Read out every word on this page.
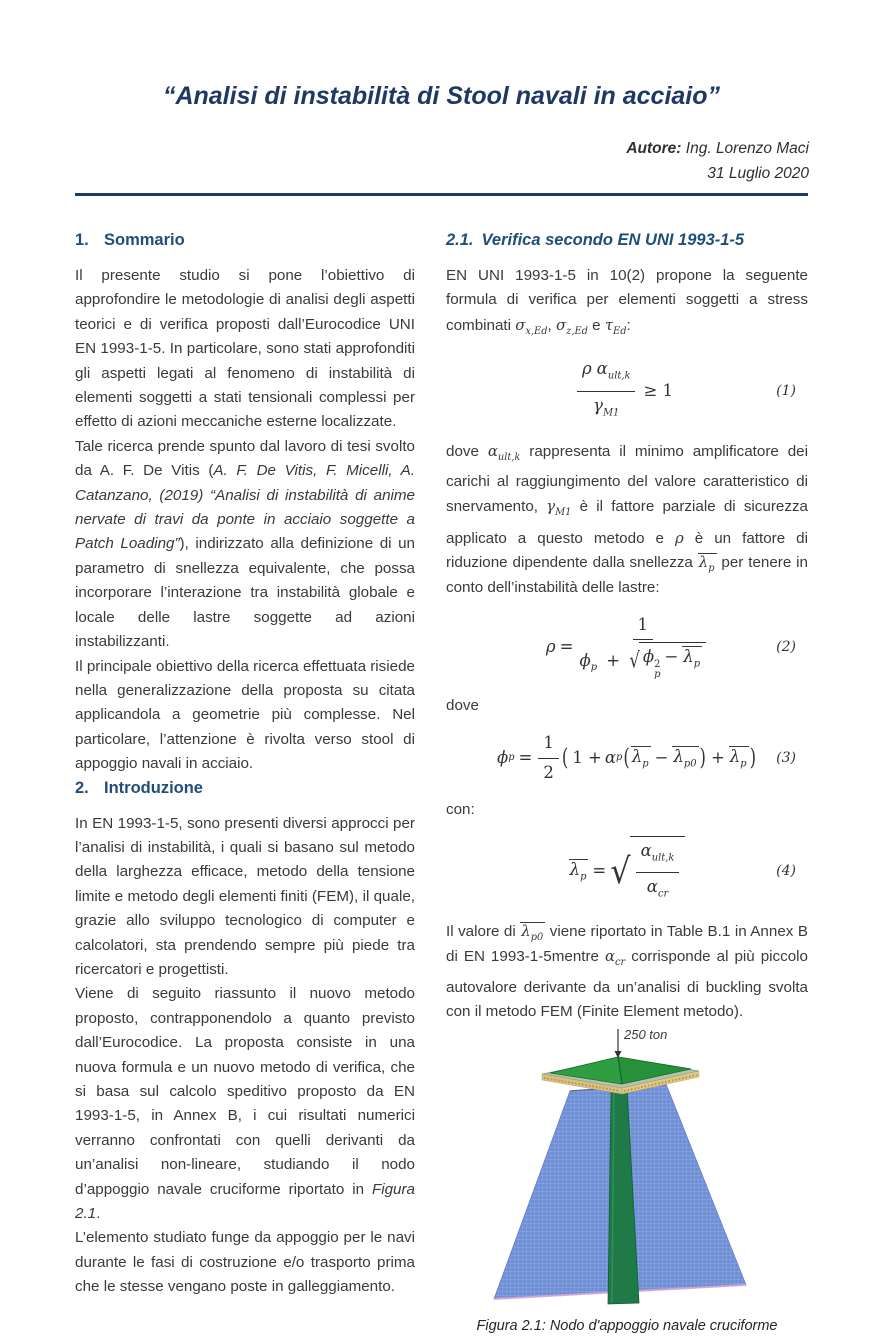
“Analisi di instabilità di Stool navali in acciaio”
Autore: Ing. Lorenzo Maci
31 Luglio 2020
1. Sommario

Il presente studio si pone l’obiettivo di approfondire le metodologie di analisi degli aspetti teorici e di verifica proposti dall’Eurocodice UNI EN 1993-1-5. In particolare, sono stati approfonditi gli aspetti legati al fenomeno di instabilità di elementi soggetti a stati tensionali complessi per effetto di azioni meccaniche esterne localizzate.

Tale ricerca prende spunto dal lavoro di tesi svolto da A. F. De Vitis (A. F. De Vitis, F. Micelli, A. Catanzano, (2019) “Analisi di instabilità di anime nervate di travi da ponte in acciaio soggette a Patch Loading”), indirizzato alla definizione di un parametro di snellezza equivalente, che possa incorporare l’interazione tra instabilità globale e locale delle lastre soggette ad azioni instabilizzanti.

Il principale obiettivo della ricerca effettuata risiede nella generalizzazione della proposta su citata applicandola a geometrie più complesse. Nel particolare, l’attenzione è rivolta verso stool di appoggio navali in acciaio.

2. Introduzione

In EN 1993-1-5, sono presenti diversi approcci per l’analisi di instabilità, i quali si basano sul metodo della larghezza efficace, metodo della tensione limite e metodo degli elementi finiti (FEM), il quale, grazie allo sviluppo tecnologico di computer e calcolatori, sta prendendo sempre più piede tra ricercatori e progettisti.

Viene di seguito riassunto il nuovo metodo proposto, contrapponendolo a quanto previsto dall’Eurocodice. La proposta consiste in una nuova formula e un nuovo metodo di verifica, che si basa sul calcolo speditivo proposto da EN 1993-1-5, in Annex B, i cui risultati numerici verranno confrontati con quelli derivanti da un’analisi non-lineare, studiando il nodo d’appoggio navale cruciforme riportato in Figura 2.1.

L’elemento studiato funge da appoggio per le navi durante le fasi di costruzione e/o trasporto prima che le stesse vengano poste in galleggiamento.

2.1. Verifica secondo EN UNI 1993-1-5

EN UNI 1993-1-5 in 10(2) propone la seguente formula di verifica per elementi soggetti a stress combinati $\sigma_{x,Ed}$, $\sigma_{z,Ed}$ e $\tau_{Ed}$:

$\frac{\rho \alpha_{ult,k}}{\gamma_{M1}} \ge 1$	(1)

dove $\alpha_{ult,k}$ rappresenta il minimo amplificatore dei carichi al raggiungimento del valore caratteristico di snervamento, $\gamma_{M1}$ è il fattore parziale di sicurezza applicato a questo metodo e ρ è un fattore di riduzione dipendente dalla snellezza $\lambda_p$ per tenere in conto dell’instabilità delle lastre:

ρ = 1
$\phi_p$ + √ ϕ 2
p
− $\lambda_p$	(2)

dove

ϕ $p = \frac{1}{2}$ ( 1 + α p ( $\lambda_p - \lambda_{p0}$ ) + $\lambda_p$ ) (3)

con:

$\lambda_p$ = √ $\frac{\alpha_{ult,k}}{\alpha_{cr}}$	(4)

Il valore di $\lambda_{p0}$ viene riportato in Table B.1 in Annex B di EN 1993-1-5mentre $\alpha_{cr}$ corrisponde al più piccolo autovalore derivante da un’analisi di buckling svolta con il metodo FEM (Finite Element metodo).

250 ton
Figura 2.1: Nodo d'appoggio navale cruciforme
